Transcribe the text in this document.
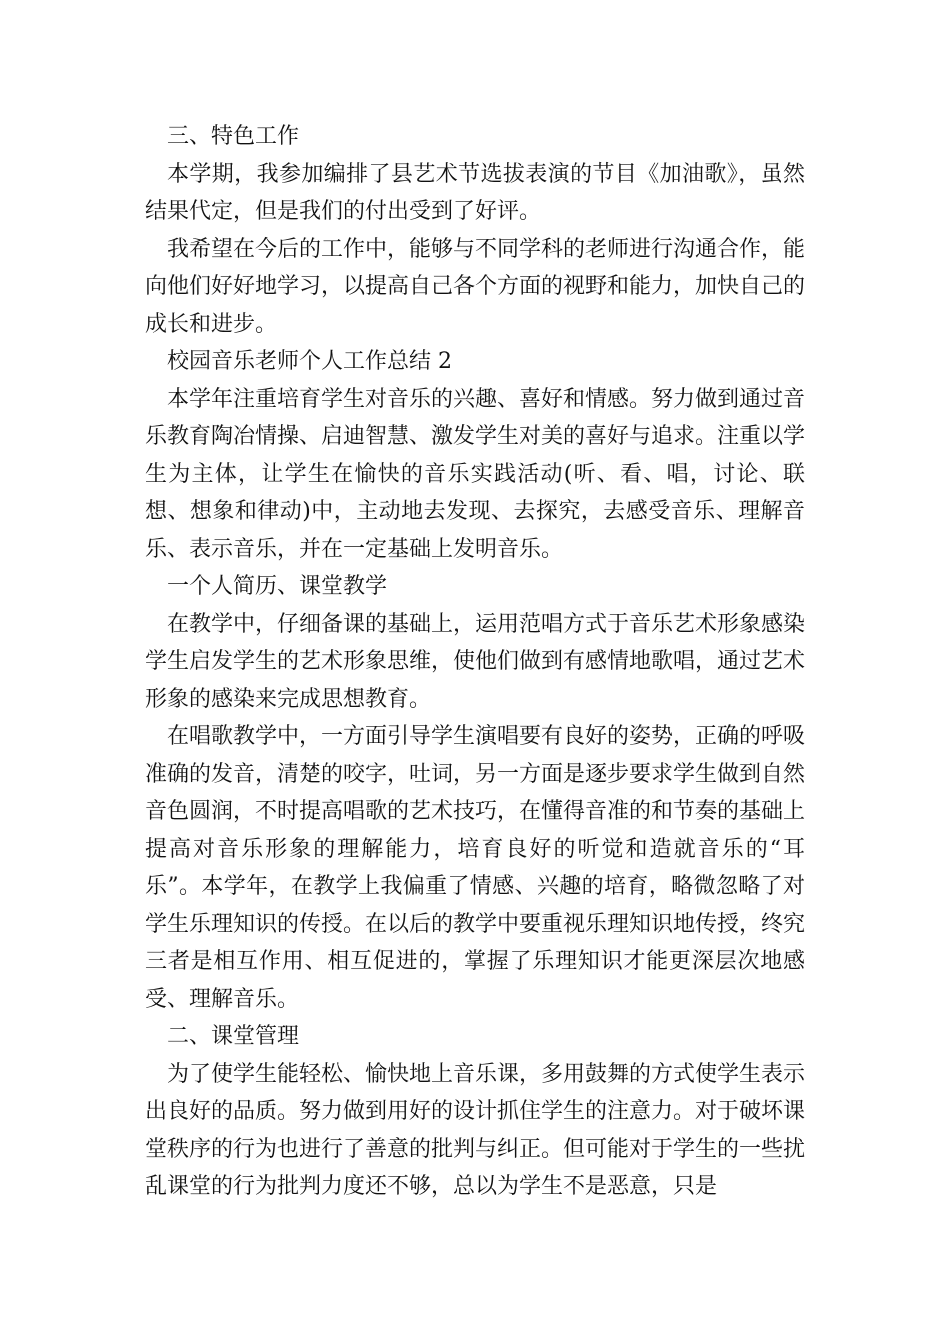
三、特色工作

本学期，我参加编排了县艺术节选拔表演的节目《加油歌》，虽然结果代定，但是我们的付出受到了好评。

我希望在今后的工作中，能够与不同学科的老师进行沟通合作，能向他们好好地学习，以提高自己各个方面的视野和能力，加快自己的成长和进步。

校园音乐老师个人工作总结 2

本学年注重培育学生对音乐的兴趣、喜好和情感。努力做到通过音乐教育陶冶情操、启迪智慧、激发学生对美的喜好与追求。注重以学生为主体，让学生在愉快的音乐实践活动(听、看、唱，讨论、联想、想象和律动)中，主动地去发现、去探究，去感受音乐、理解音乐、表示音乐，并在一定基础上发明音乐。

一个人简历、课堂教学

在教学中，仔细备课的基础上，运用范唱方式于音乐艺术形象感染学生启发学生的艺术形象思维，使他们做到有感情地歌唱，通过艺术形象的感染来完成思想教育。

在唱歌教学中，一方面引导学生演唱要有良好的姿势，正确的呼吸准确的发音，清楚的咬字，吐词，另一方面是逐步要求学生做到自然音色圆润，不时提高唱歌的艺术技巧，在懂得音准的和节奏的基础上提高对音乐形象的理解能力，培育良好的听觉和造就音乐的“耳乐”。本学年，在教学上我偏重了情感、兴趣的培育，略微忽略了对学生乐理知识的传授。在以后的教学中要重视乐理知识地传授，终究三者是相互作用、相互促进的，掌握了乐理知识才能更深层次地感受、理解音乐。

二、课堂管理

为了使学生能轻松、愉快地上音乐课，多用鼓舞的方式使学生表示出良好的品质。努力做到用好的设计抓住学生的注意力。对于破坏课堂秩序的行为也进行了善意的批判与纠正。但可能对于学生的一些扰乱课堂的行为批判力度还不够，总以为学生不是恶意，只是
